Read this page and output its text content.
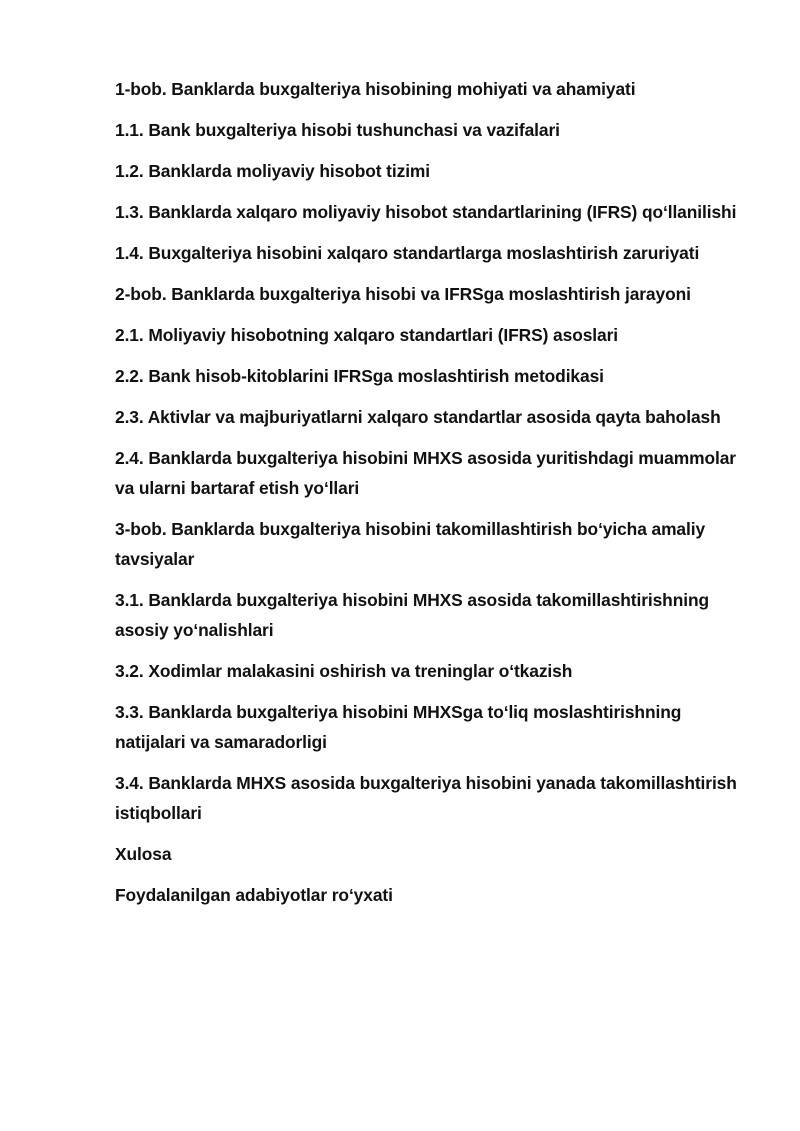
1-bob. Banklarda buxgalteriya hisobining mohiyati va ahamiyati
1.1. Bank buxgalteriya hisobi tushunchasi va vazifalari
1.2. Banklarda moliyaviy hisobot tizimi
1.3. Banklarda xalqaro moliyaviy hisobot standartlarining (IFRS) qoʻllanilishi
1.4. Buxgalteriya hisobini xalqaro standartlarga moslashtirish zaruriyati
2-bob. Banklarda buxgalteriya hisobi va IFRSga moslashtirish jarayoni
2.1. Moliyaviy hisobotning xalqaro standartlari (IFRS) asoslari
2.2. Bank hisob-kitoblarini IFRSga moslashtirish metodikasi
2.3. Aktivlar va majburiyatlarni xalqaro standartlar asosida qayta baholash
2.4. Banklarda buxgalteriya hisobini MHXS asosida yuritishdagi muammolar va ularni bartaraf etish yoʻllari
3-bob. Banklarda buxgalteriya hisobini takomillashtirish boʻyicha amaliy tavsiyalar
3.1. Banklarda buxgalteriya hisobini MHXS asosida takomillashtirishning asosiy yoʻnalishlari
3.2. Xodimlar malakasini oshirish va treninglar oʻtkazish
3.3. Banklarda buxgalteriya hisobini MHXSga toʻliq moslashtirishning natijalari va samaradorligi
3.4. Banklarda MHXS asosida buxgalteriya hisobini yanada takomillashtirish istiqbollari
Xulosa
Foydalanilgan adabiyotlar roʻyxati
